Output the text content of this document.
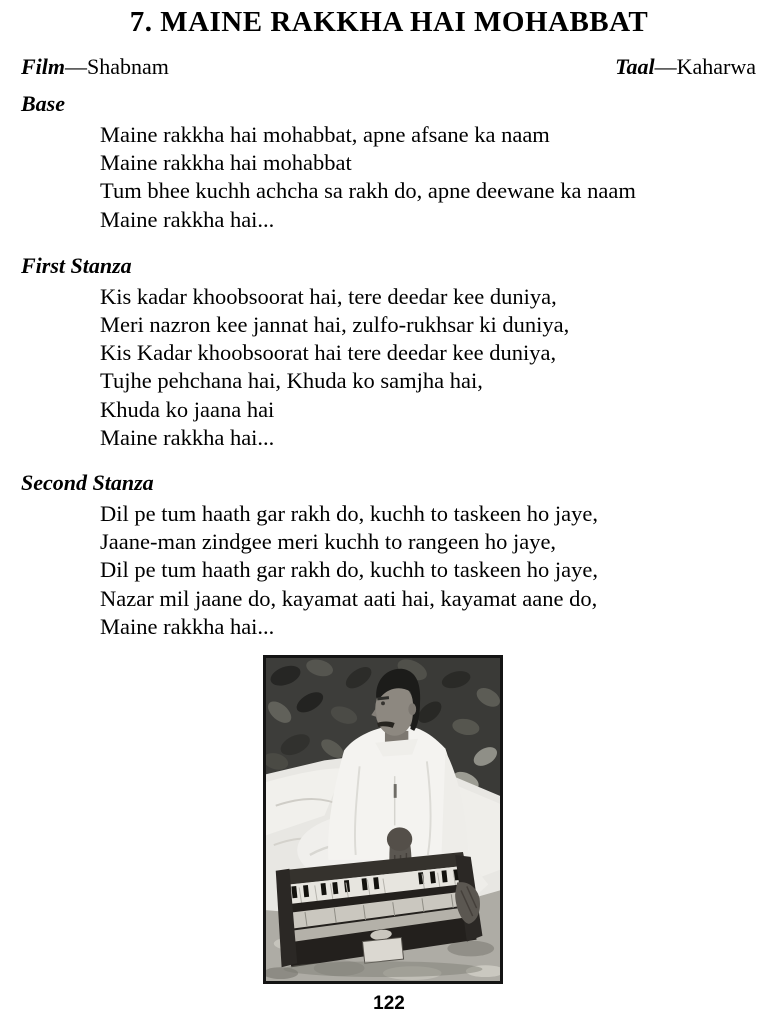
7. MAINE RAKKHA HAI MOHABBAT
Film—Shabnam	Taal—Kaharwa
Base
Maine rakkha hai mohabbat, apne afsane ka naam
Maine rakkha hai mohabbat
Tum bhee kuchh achcha sa rakh do, apne deewane ka naam
Maine rakkha hai...
First Stanza
Kis kadar khoobsoorat hai, tere deedar kee duniya,
Meri nazron kee jannat hai, zulfo-rukhsar ki duniya,
Kis Kadar khoobsoorat hai tere deedar kee duniya,
Tujhe pehchana hai, Khuda ko samjha hai,
Khuda ko jaana hai
Maine rakkha hai...
Second Stanza
Dil pe tum haath gar rakh do, kuchh to taskeen ho jaye,
Jaane-man zindgee meri kuchh to rangeen ho jaye,
Dil pe tum haath gar rakh do, kuchh to taskeen ho jaye,
Nazar mil jaane do, kayamat aati hai, kayamat aane do,
Maine rakkha hai...
122
